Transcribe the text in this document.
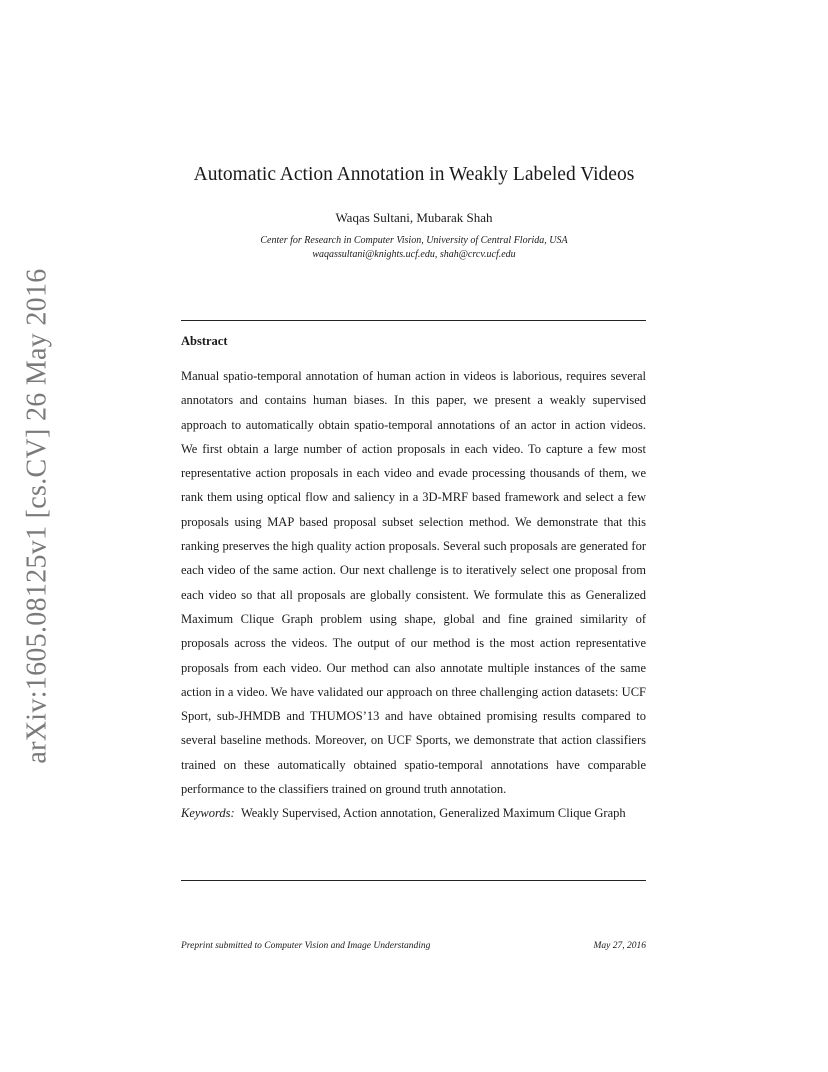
arXiv:1605.08125v1 [cs.CV] 26 May 2016
Automatic Action Annotation in Weakly Labeled Videos
Waqas Sultani, Mubarak Shah
Center for Research in Computer Vision, University of Central Florida, USA
waqassultani@knights.ucf.edu, shah@crcv.ucf.edu
Abstract

Manual spatio-temporal annotation of human action in videos is laborious, requires several annotators and contains human biases. In this paper, we present a weakly supervised approach to automatically obtain spatio-temporal annotations of an actor in action videos. We first obtain a large number of action proposals in each video. To capture a few most representative action proposals in each video and evade processing thousands of them, we rank them using optical flow and saliency in a 3D-MRF based framework and select a few proposals using MAP based proposal subset selection method. We demonstrate that this ranking preserves the high quality action proposals. Several such proposals are generated for each video of the same action. Our next challenge is to iteratively select one proposal from each video so that all proposals are globally consistent. We formulate this as Generalized Maximum Clique Graph problem using shape, global and fine grained similarity of proposals across the videos. The output of our method is the most action representative proposals from each video. Our method can also annotate multiple instances of the same action in a video. We have validated our approach on three challenging action datasets: UCF Sport, sub-JHMDB and THUMOS’13 and have obtained promising results compared to several baseline methods. Moreover, on UCF Sports, we demonstrate that action classifiers trained on these automatically obtained spatio-temporal annotations have comparable performance to the classifiers trained on ground truth annotation.

Keywords: Weakly Supervised, Action annotation, Generalized Maximum Clique Graph

Preprint submitted to Computer Vision and Image Understanding	May 27, 2016
